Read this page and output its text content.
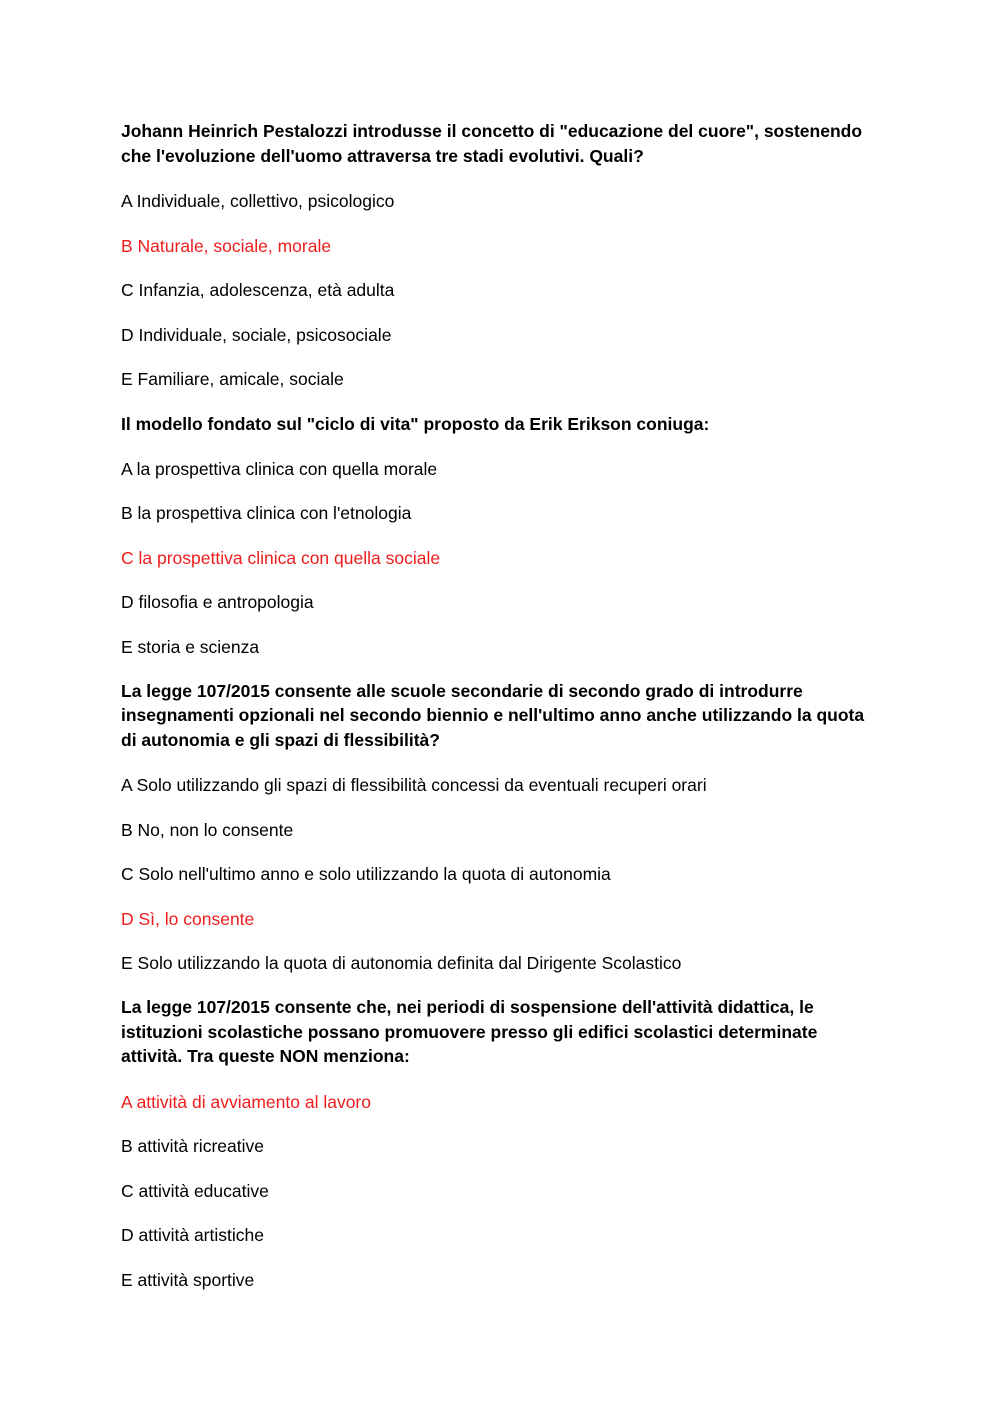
Johann Heinrich Pestalozzi introdusse il concetto di "educazione del cuore", sostenendo che l'evoluzione dell'uomo attraversa tre stadi evolutivi. Quali?

A Individuale, collettivo, psicologico
B Naturale, sociale, morale
C Infanzia, adolescenza, età adulta
D Individuale, sociale, psicosociale
E Familiare, amicale, sociale

Il modello fondato sul "ciclo di vita" proposto da Erik Erikson coniuga:

A la prospettiva clinica con quella morale
B la prospettiva clinica con l'etnologia
C la prospettiva clinica con quella sociale
D filosofia e antropologia
E storia e scienza

La legge 107/2015 consente alle scuole secondarie di secondo grado di introdurre insegnamenti opzionali nel secondo biennio e nell'ultimo anno anche utilizzando la quota di autonomia e gli spazi di flessibilità?

A Solo utilizzando gli spazi di flessibilità concessi da eventuali recuperi orari
B No, non lo consente
C Solo nell'ultimo anno e solo utilizzando la quota di autonomia
D Sì, lo consente
E Solo utilizzando la quota di autonomia definita dal Dirigente Scolastico

La legge 107/2015 consente che, nei periodi di sospensione dell'attività didattica, le istituzioni scolastiche possano promuovere presso gli edifici scolastici determinate attività. Tra queste NON menziona:

A attività di avviamento al lavoro
B attività ricreative
C attività educative
D attività artistiche
E attività sportive
